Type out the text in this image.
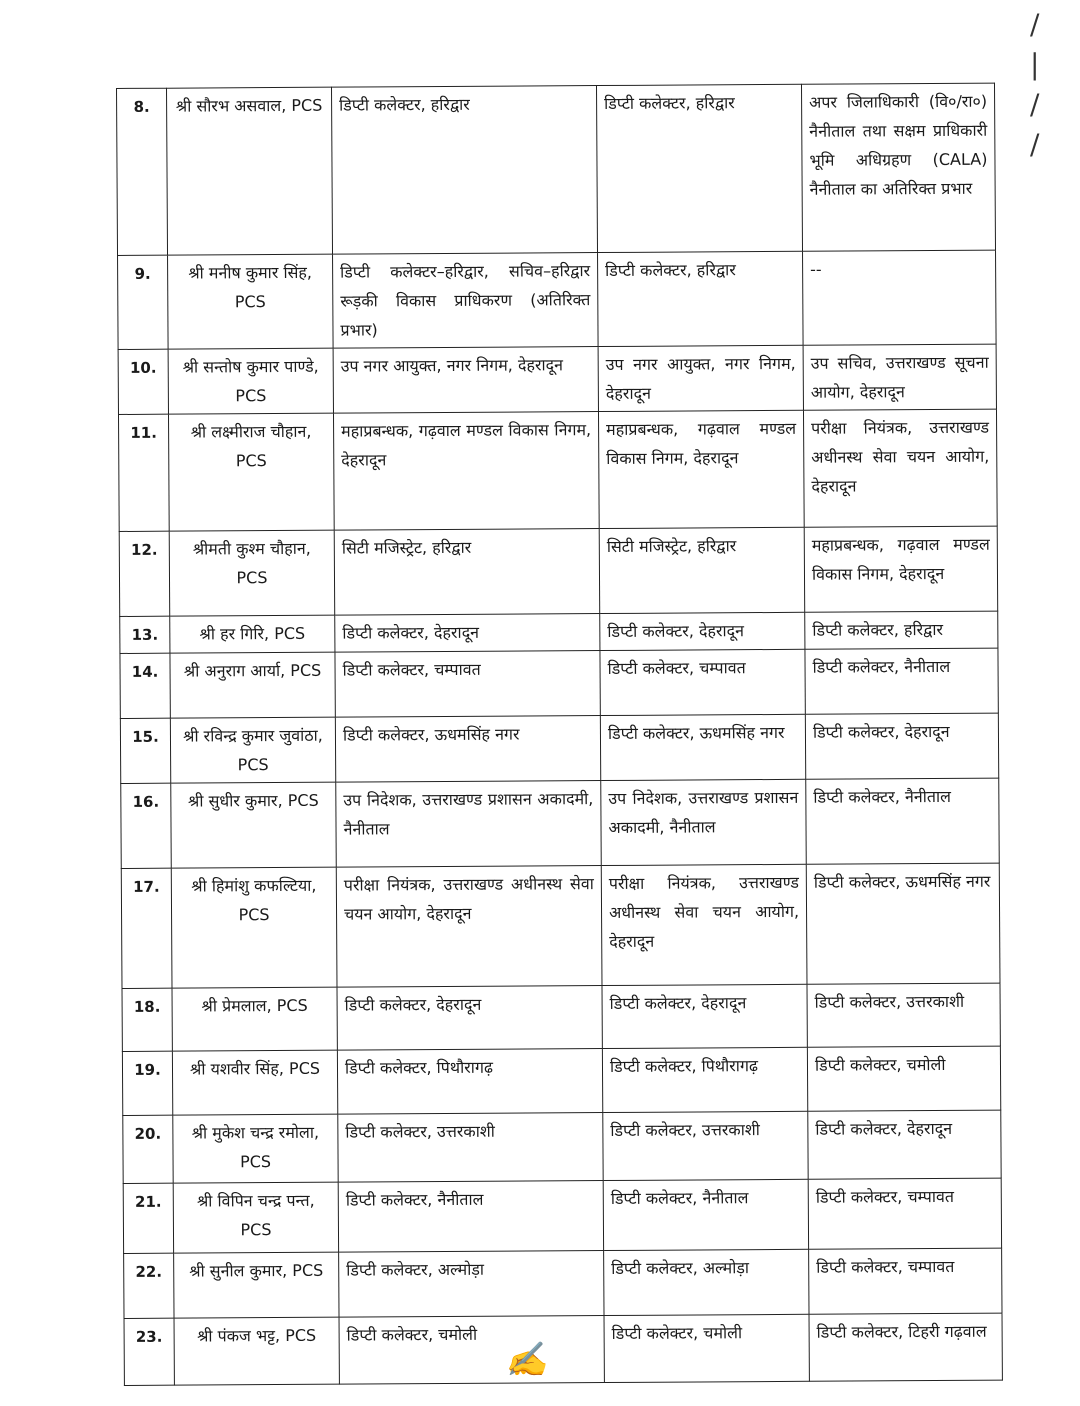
8.	श्री सौरभ असवाल, PCS	डिप्टी कलेक्टर, हरिद्वार	डिप्टी कलेक्टर, हरिद्वार	अपर जिलाधिकारी (वि०/रा०) नैनीताल तथा सक्षम प्राधिकारी भूमि अधिग्रहण (CALA) नैनीताल का अतिरिक्त प्रभार
9.	श्री मनीष कुमार सिंह, PCS	डिप्टी कलेक्टर–हरिद्वार, सचिव–हरिद्वार रूड़की विकास प्राधिकरण (अतिरिक्त प्रभार)	डिप्टी कलेक्टर, हरिद्वार	--
10.	श्री सन्तोष कुमार पाण्डे, PCS	उप नगर आयुक्त, नगर निगम, देहरादून	उप नगर आयुक्त, नगर निगम, देहरादून	उप सचिव, उत्तराखण्ड सूचना आयोग, देहरादून
11.	श्री लक्ष्मीराज चौहान, PCS	महाप्रबन्धक, गढ़वाल मण्डल विकास निगम, देहरादून	महाप्रबन्धक, गढ़वाल मण्डल विकास निगम, देहरादून	परीक्षा नियंत्रक, उत्तराखण्ड अधीनस्थ सेवा चयन आयोग, देहरादून
12.	श्रीमती कुश्म चौहान, PCS	सिटी मजिस्ट्रेट, हरिद्वार	सिटी मजिस्ट्रेट, हरिद्वार	महाप्रबन्धक, गढ़वाल मण्डल विकास निगम, देहरादून
13.	श्री हर गिरि, PCS	डिप्टी कलेक्टर, देहरादून	डिप्टी कलेक्टर, देहरादून	डिप्टी कलेक्टर, हरिद्वार
14.	श्री अनुराग आर्या, PCS	डिप्टी कलेक्टर, चम्पावत	डिप्टी कलेक्टर, चम्पावत	डिप्टी कलेक्टर, नैनीताल
15.	श्री रविन्द्र कुमार जुवांठा, PCS	डिप्टी कलेक्टर, ऊधमसिंह नगर	डिप्टी कलेक्टर, ऊधमसिंह नगर	डिप्टी कलेक्टर, देहरादून
16.	श्री सुधीर कुमार, PCS	उप निदेशक, उत्तराखण्ड प्रशासन अकादमी, नैनीताल	उप निदेशक, उत्तराखण्ड प्रशासन अकादमी, नैनीताल	डिप्टी कलेक्टर, नैनीताल
17.	श्री हिमांशु कफल्टिया, PCS	परीक्षा नियंत्रक, उत्तराखण्ड अधीनस्थ सेवा चयन आयोग, देहरादून	परीक्षा नियंत्रक, उत्तराखण्ड अधीनस्थ सेवा चयन आयोग, देहरादून	डिप्टी कलेक्टर, ऊधमसिंह नगर
18.	श्री प्रेमलाल, PCS	डिप्टी कलेक्टर, देहरादून	डिप्टी कलेक्टर, देहरादून	डिप्टी कलेक्टर, उत्तरकाशी
19.	श्री यशवीर सिंह, PCS	डिप्टी कलेक्टर, पिथौरागढ़	डिप्टी कलेक्टर, पिथौरागढ़	डिप्टी कलेक्टर, चमोली
20.	श्री मुकेश चन्द्र रमोला, PCS	डिप्टी कलेक्टर, उत्तरकाशी	डिप्टी कलेक्टर, उत्तरकाशी	डिप्टी कलेक्टर, देहरादून
21.	श्री विपिन चन्द्र पन्त, PCS	डिप्टी कलेक्टर, नैनीताल	डिप्टी कलेक्टर, नैनीताल	डिप्टी कलेक्टर, चम्पावत
22.	श्री सुनील कुमार, PCS	डिप्टी कलेक्टर, अल्मोड़ा	डिप्टी कलेक्टर, अल्मोड़ा	डिप्टी कलेक्टर, चम्पावत
23.	श्री पंकज भट्ट, PCS	डिप्टी कलेक्टर, चमोली	डिप्टी कलेक्टर, चमोली	डिप्टी कलेक्टर, टिहरी गढ़वाल
/
|
/
/
✍
